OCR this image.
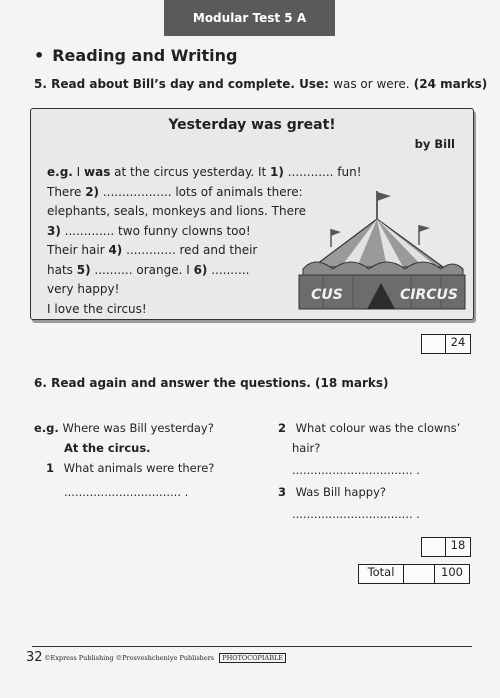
Modular Test 5 A
• Reading and Writing
5. Read about Bill’s day and complete. Use: was or were. (24 marks)
Yesterday was great!
by Bill
e.g. I was at the circus yesterday. It 1) ............ fun!
There 2) .................. lots of animals there:
elephants, seals, monkeys and lions. There
3) ............. two funny clowns too!
Their hair 4) ............. red and their
hats 5) .......... orange. I 6) ..........
very happy!
I love the circus!
CUS	CIRCUS
24
6. Read again and answer the questions. (18 marks)
e.g. Where was Bill yesterday?
At the circus.
1 What animals were there?
................................ .
2 What colour was the clowns’
hair?
................................. .
3 Was Bill happy?
................................. .
18
Total	100
32 ©Express Publishing ©Prosveshcheniye Publishers PHOTOCOPIABLE
